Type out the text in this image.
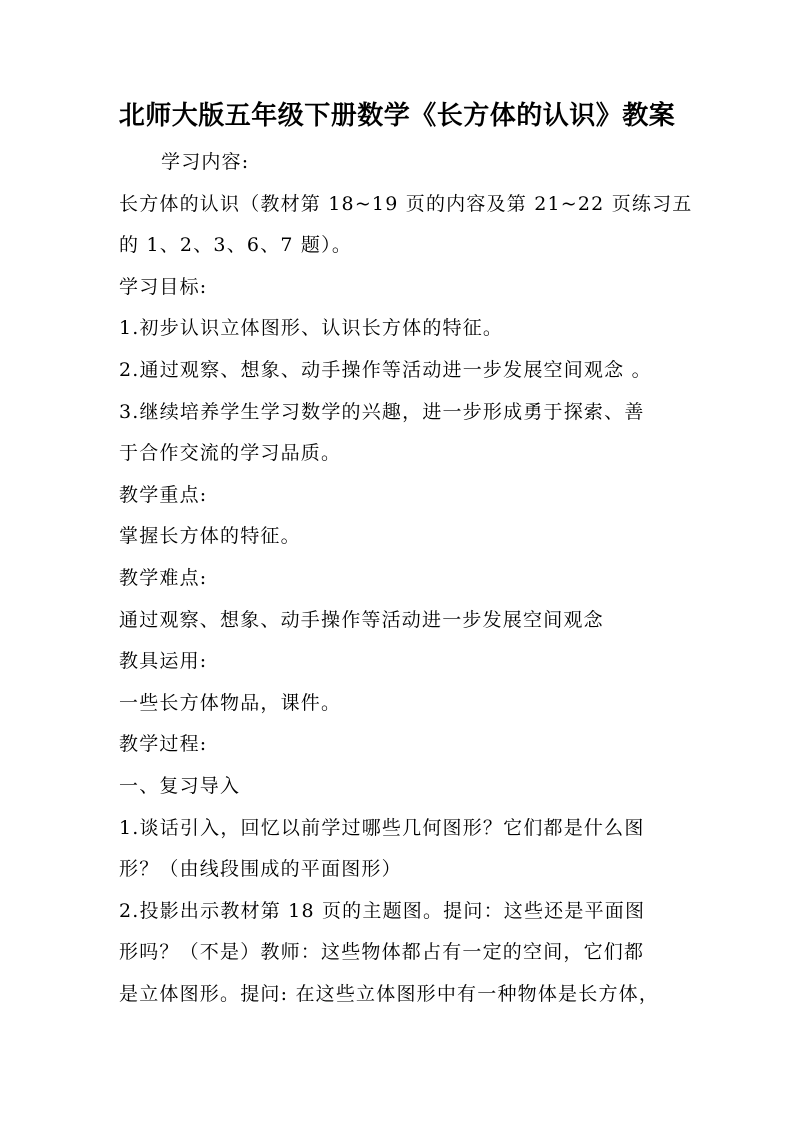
北师大版五年级下册数学《长方体的认识》教案

学习内容:

长方体的认识（教材第 18~19 页的内容及第 21~22 页练习五

的 1、2、3、6、7 题）。

学习目标:

1.初步认识立体图形、认识长方体的特征。

2.通过观察、想象、动手操作等活动进一步发展空间观念 。

3.继续培养学生学习数学的兴趣，进一步形成勇于探索、善

于合作交流的学习品质。

教学重点:

掌握长方体的特征。

教学难点:

通过观察、想象、动手操作等活动进一步发展空间观念

教具运用:

一些长方体物品，课件。

教学过程:

一、复习导入

1.谈话引入，回忆以前学过哪些几何图形？它们都是什么图

形？（由线段围成的平面图形）

2.投影出示教材第 18 页的主题图。提问：这些还是平面图

形吗？（不是）教师：这些物体都占有一定的空间，它们都

是立体图形。提问: 在这些立体图形中有一种物体是长方体，
